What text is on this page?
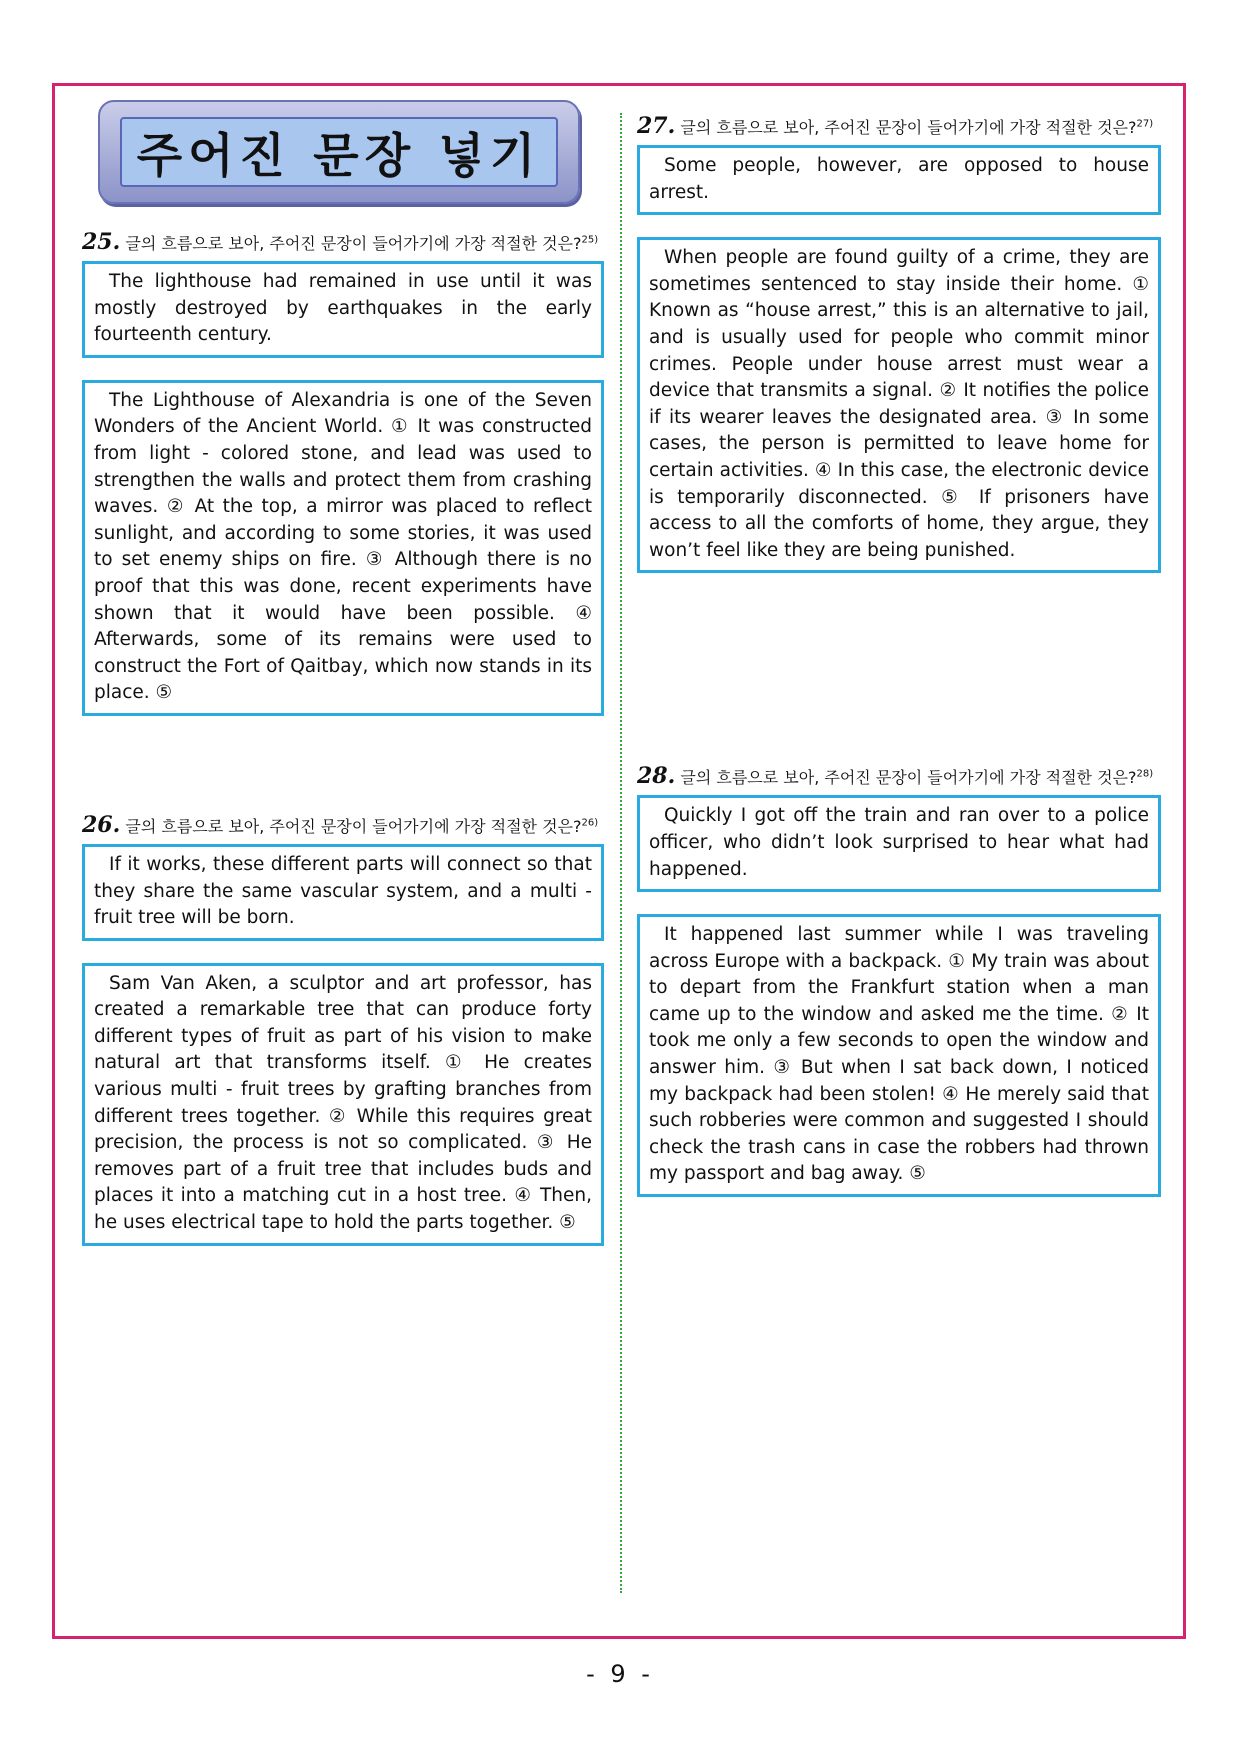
주어진 문장 넣기
25. 글의 흐름으로 보아, 주어진 문장이 들어가기에 가장 적절한 것은?$^{25)}$
The lighthouse had remained in use until it was mostly destroyed by earthquakes in the early fourteenth century.
The Lighthouse of Alexandria is one of the Seven Wonders of the Ancient World. ① It was constructed from light - colored stone, and lead was used to strengthen the walls and protect them from crashing waves. ② At the top, a mirror was placed to reflect sunlight, and according to some stories, it was used to set enemy ships on fire. ③ Although there is no proof that this was done, recent experiments have shown that it would have been possible. ④ Afterwards, some of its remains were used to construct the Fort of Qaitbay, which now stands in its place. ⑤
26. 글의 흐름으로 보아, 주어진 문장이 들어가기에 가장 적절한 것은?$^{26)}$
If it works, these different parts will connect so that they share the same vascular system, and a multi - fruit tree will be born.
Sam Van Aken, a sculptor and art professor, has created a remarkable tree that can produce forty different types of fruit as part of his vision to make natural art that transforms itself. ① He creates various multi - fruit trees by grafting branches from different trees together. ② While this requires great precision, the process is not so complicated. ③ He removes part of a fruit tree that includes buds and places it into a matching cut in a host tree. ④ Then, he uses electrical tape to hold the parts together. ⑤
27. 글의 흐름으로 보아, 주어진 문장이 들어가기에 가장 적절한 것은?$^{27)}$
Some people, however, are opposed to house arrest.
When people are found guilty of a crime, they are sometimes sentenced to stay inside their home. ① Known as “house arrest,” this is an alternative to jail, and is usually used for people who commit minor crimes. People under house arrest must wear a device that transmits a signal. ② It notifies the police if its wearer leaves the designated area. ③ In some cases, the person is permitted to leave home for certain activities. ④ In this case, the electronic device is temporarily disconnected. ⑤ If prisoners have access to all the comforts of home, they argue, they won’t feel like they are being punished.
28. 글의 흐름으로 보아, 주어진 문장이 들어가기에 가장 적절한 것은?$^{28)}$
Quickly I got off the train and ran over to a police officer, who didn’t look surprised to hear what had happened.
It happened last summer while I was traveling across Europe with a backpack. ① My train was about to depart from the Frankfurt station when a man came up to the window and asked me the time. ② It took me only a few seconds to open the window and answer him. ③ But when I sat back down, I noticed my backpack had been stolen! ④ He merely said that such robberies were common and suggested I should check the trash cans in case the robbers had thrown my passport and bag away. ⑤
- 9 -
